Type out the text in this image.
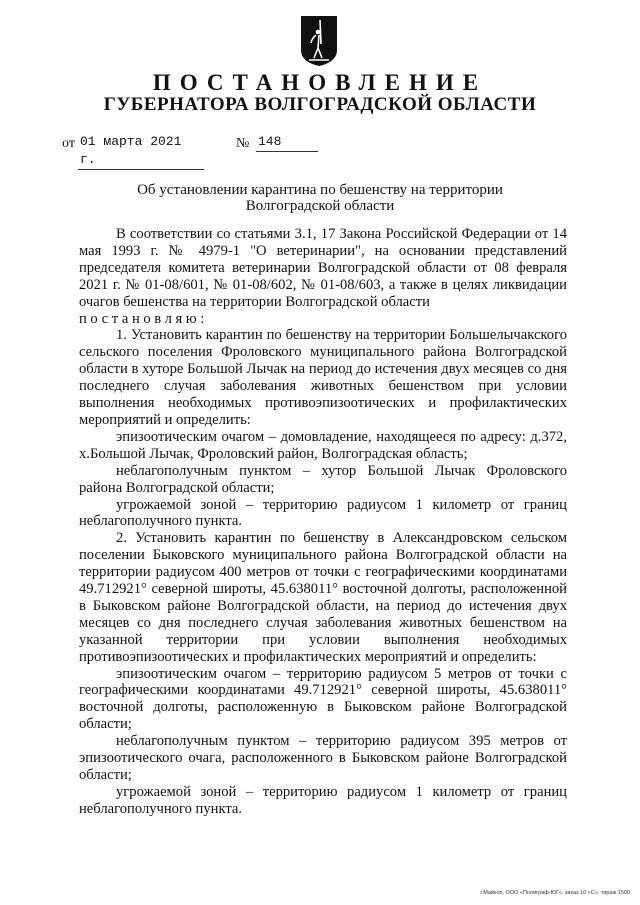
ПОСТАНОВЛЕНИЕ
ГУБЕРНАТОРА ВОЛГОГРАДСКОЙ ОБЛАСТИ
от 01 марта 2021 г.
№ 148
Об установлении карантина по бешенству на территории
Волгоградской области

В соответствии со статьями 3.1, 17 Закона Российской Федерации от 14 мая 1993 г. № 4979-1 "О ветеринарии", на основании представлений председателя комитета ветеринарии Волгоградской области от 08 февраля 2021 г. № 01-08/601, № 01-08/602, № 01-08/603, а также в целях ликвидации очагов бешенства на территории Волгоградской области

постановляю:

1. Установить карантин по бешенству на территории Большелычакского сельского поселения Фроловского муниципального района Волгоградской области в хуторе Большой Лычак на период до истечения двух месяцев со дня последнего случая заболевания животных бешенством при условии выполнения необходимых противоэпизоотических и профилактических мероприятий и определить:

эпизоотическим очагом – домовладение, находящееся по адресу: д.372, х.Большой Лычак, Фроловский район, Волгоградская область;

неблагополучным пунктом – хутор Большой Лычак Фроловского района Волгоградской области;

угрожаемой зоной – территорию радиусом 1 километр от границ неблагополучного пункта.

2. Установить карантин по бешенству в Александровском сельском поселении Быковского муниципального района Волгоградской области на территории радиусом 400 метров от точки с географическими координатами 49.712921° северной широты, 45.638011° восточной долготы, расположенной в Быковском районе Волгоградской области, на период до истечения двух месяцев со дня последнего случая заболевания животных бешенством на указанной территории при условии выполнения необходимых противоэпизоотических и профилактических мероприятий и определить:

эпизоотическим очагом – территорию радиусом 5 метров от точки с географическими координатами 49.712921° северной широты, 45.638011° восточной долготы, расположенную в Быковском районе Волгоградской области;

неблагополучным пунктом – территорию радиусом 395 метров от эпизоотического очага, расположенного в Быковском районе Волгоградской области;

угрожаемой зоной – территорию радиусом 1 километр от границ неблагополучного пункта.

г.Майкоп, ООО «Полиграф-ЮГ», заказ 10 «С», тираж 1500
